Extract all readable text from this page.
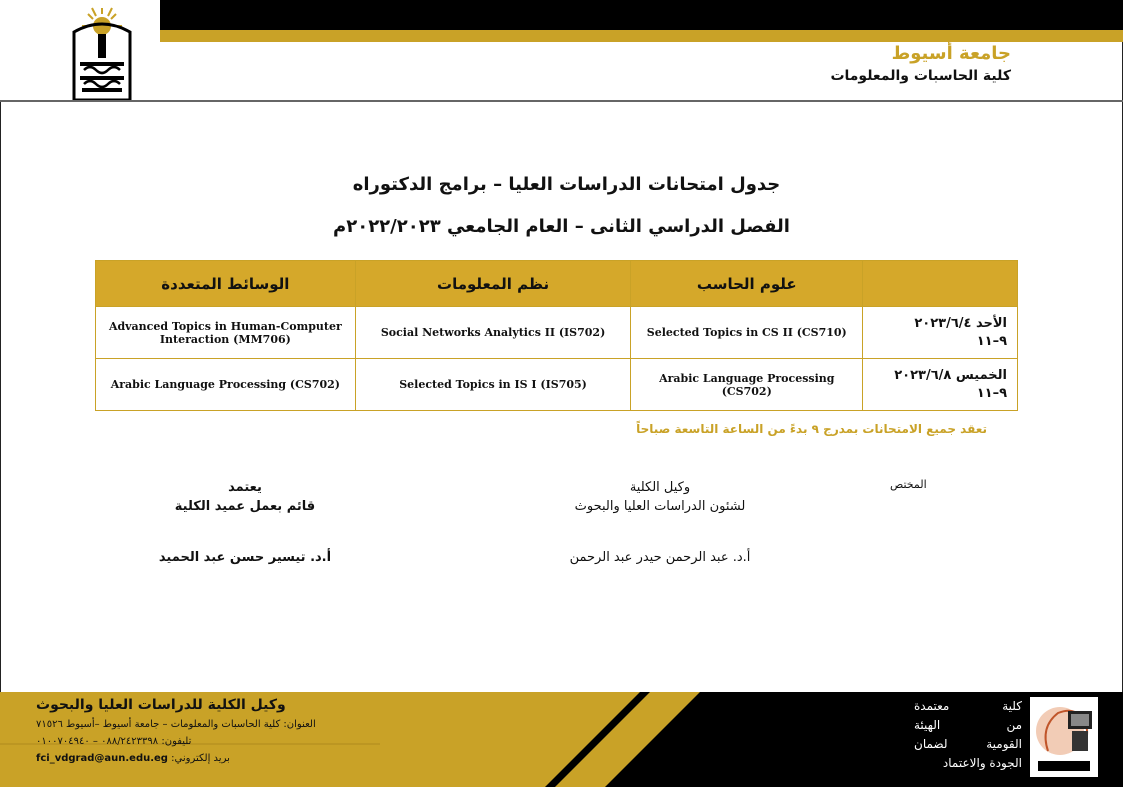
جامعة أسيوط
كلية الحاسبات والمعلومات
جدول امتحانات الدراسات العليا – برامج الدكتوراه
الفصل الدراسي الثانى – العام الجامعي ٢٠٢٢/٢٠٢٣م
	علوم الحاسب	نظم المعلومات	الوسائط المتعددة

الأحد ٢٠٢٣/٦/٤
٩–١١	Selected Topics in CS II (CS710)	Social Networks Analytics II (IS702)	Advanced Topics in Human-Computer Interaction (MM706)

الخميس ٢٠٢٣/٦/٨
٩–١١	Arabic Language Processing (CS702)	Selected Topics in IS I (IS705)	Arabic Language Processing (CS702)
تعقد جميع الامتحانات بمدرج ٩ بدءً من الساعة التاسعة صباحاً
المختص
وكيل الكلية
لشئون الدراسات العليا والبحوث
أ.د. عبد الرحمن حيدر عبد الرحمن
يعتمد
قائم بعمل عميد الكلية
أ.د. تيسير حسن عبد الحميد
وكيل الكلية للدراسات العليا والبحوث
العنوان: كلية الحاسبات والمعلومات – جامعة أسيوط –أسيوط ٧١٥٢٦
تليفون: ٠٨٨/٢٤٢٣٣٩٨ – ٠١٠٠٧٠٤٩٤٠
بريد إلكتروني: fci_vdgrad@aun.edu.eg
كلية
معتمدة
من
الهيئة
القومية
لضمان
الجودة والاعتماد
